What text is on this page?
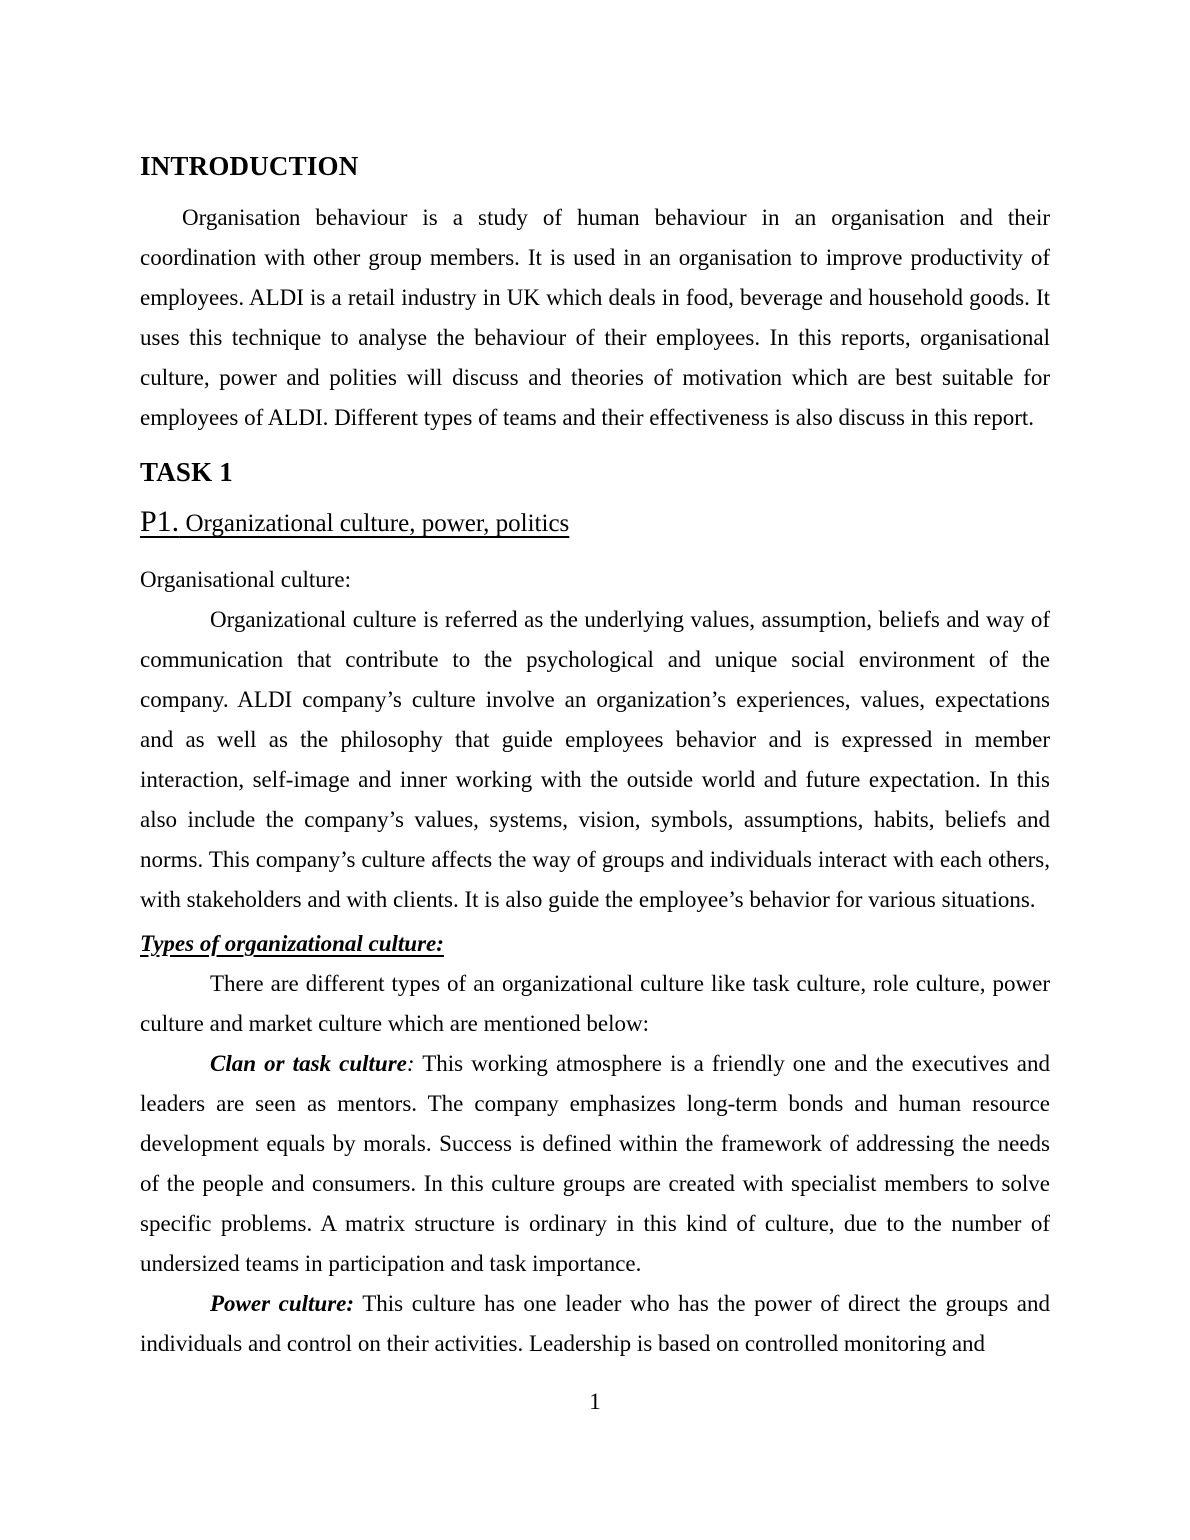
INTRODUCTION

Organisation behaviour is a study of human behaviour in an organisation and their coordination with other group members. It is used in an organisation to improve productivity of employees. ALDI is a retail industry in UK which deals in food, beverage and household goods. It uses this technique to analyse the behaviour of their employees. In this reports, organisational culture, power and polities will discuss and theories of motivation which are best suitable for employees of ALDI. Different types of teams and their effectiveness is also discuss in this report.

TASK 1
P1. Organizational culture, power, politics

Organisational culture:

Organizational culture is referred as the underlying values, assumption, beliefs and way of communication that contribute to the psychological and unique social environment of the company. ALDI company’s culture involve an organization’s experiences, values, expectations and as well as the philosophy that guide employees behavior and is expressed in member interaction, self-image and inner working with the outside world and future expectation. In this also include the company’s values, systems, vision, symbols, assumptions, habits, beliefs and norms. This company’s culture affects the way of groups and individuals interact with each others, with stakeholders and with clients. It is also guide the employee’s behavior for various situations.

Types of organizational culture:

There are different types of an organizational culture like task culture, role culture, power culture and market culture which are mentioned below:

Clan or task culture: This working atmosphere is a friendly one and the executives and leaders are seen as mentors. The company emphasizes long-term bonds and human resource development equals by morals. Success is defined within the framework of addressing the needs of the people and consumers. In this culture groups are created with specialist members to solve specific problems. A matrix structure is ordinary in this kind of culture, due to the number of undersized teams in participation and task importance.

Power culture: This culture has one leader who has the power of direct the groups and individuals and control on their activities. Leadership is based on controlled monitoring and

1
